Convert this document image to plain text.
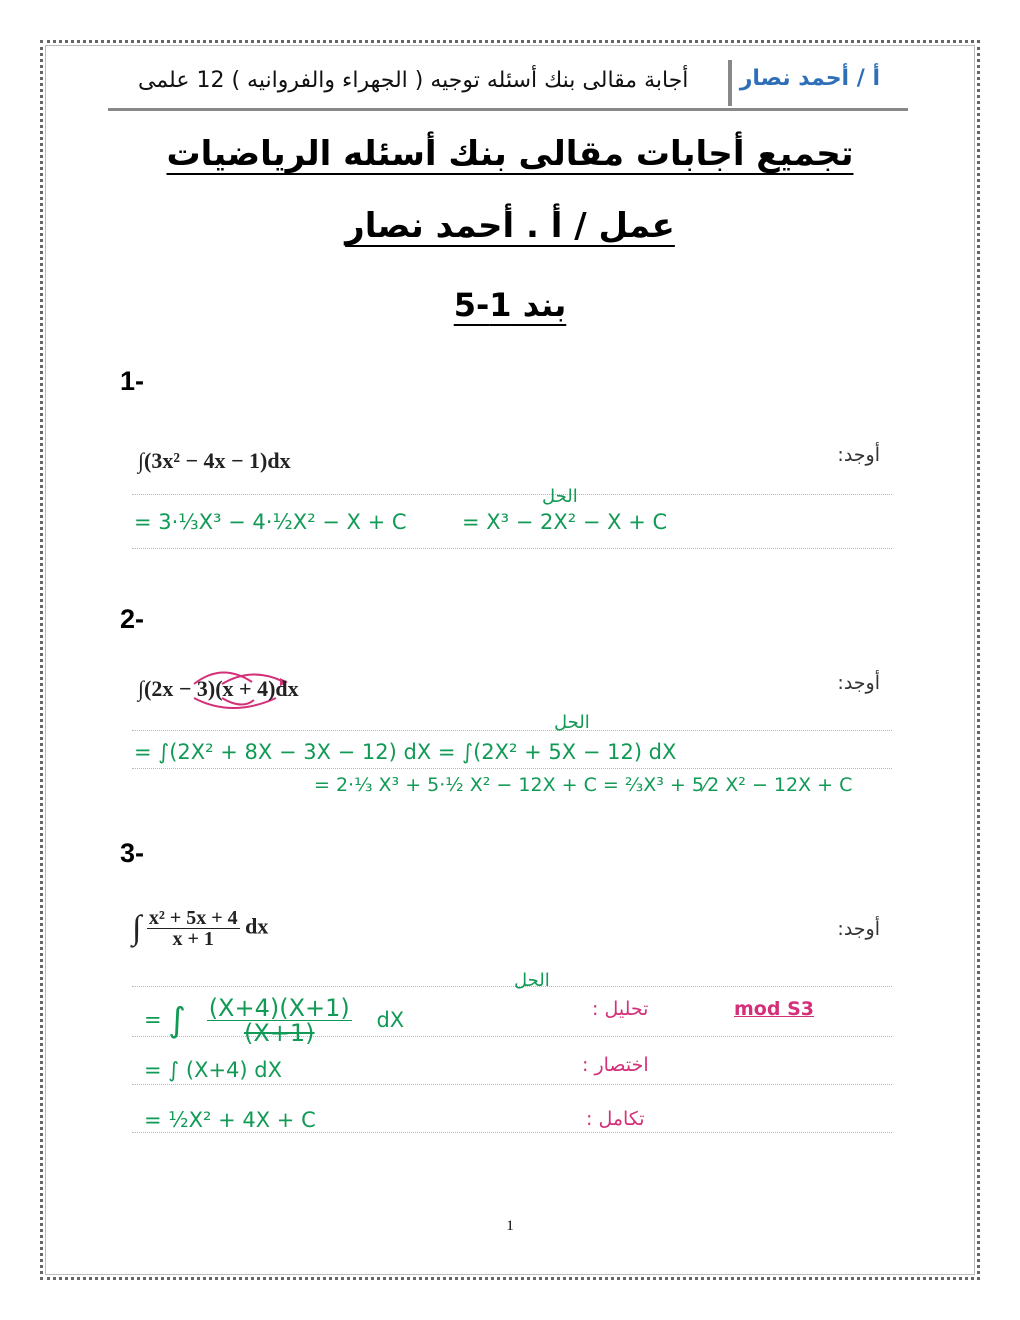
أجابة مقالى بنك أسئله توجيه ( الجهراء والفروانيه ) 12 علمى أ / أحمد نصار
تجميع أجابات مقالى بنك أسئله الرياضيات
عمل / أ . أحمد نصار
بند 1-5
1-
أوجد:
∫(3x² − 4x − 1)dx
الحل
= 3·⅓X³ − 4·½X² − X + C	= X³ − 2X² − X + C
2-
أوجد:
∫(2x − 3)(x + 4)dx
الحل
= ∫(2X² + 8X − 3X − 12) dX = ∫(2X² + 5X − 12) dX
= 2·⅓ X³ + 5·½ X² − 12X + C = ⅔X³ + 5⁄2 X² − 12X + C
3-
أوجد:
∫ $\frac{\text{x² + 5x + 4}}{x + 1}$ dx
الحل
= ∫ $\frac{(X+4)(X+1)}{(X+1)}$ dX
= ∫ (X+4) dX
= ½X² + 4X + C
تحليل :
اختصار :
تكامل :
mod S3
1
